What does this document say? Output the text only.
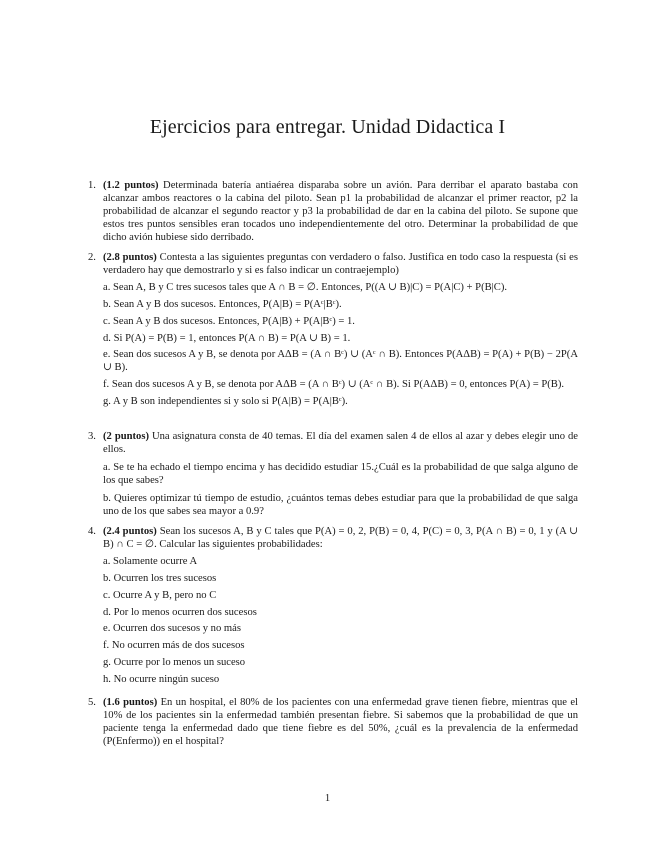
Ejercicios para entregar. Unidad Didactica I
1. (1.2 puntos) Determinada batería antiaérea disparaba sobre un avión. Para derribar el aparato bastaba con alcanzar ambos reactores o la cabina del piloto. Sean p1 la probabilidad de alcanzar el primer reactor, p2 la probabilidad de alcanzar el segundo reactor y p3 la probabilidad de dar en la cabina del piloto. Se supone que estos tres puntos sensibles eran tocados uno independientemente del otro. Determinar la probabilidad de que dicho avión hubiese sido derribado.

2. (2.8 puntos) Contesta a las siguientes preguntas con verdadero o falso. Justifica en todo caso la respuesta (si es verdadero hay que demostrarlo y si es falso indicar un contraejemplo)

a. Sean A, B y C tres sucesos tales que A ∩ B = ∅. Entonces, P((A ∪ B)|C) = P(A|C) + P(B|C).

b. Sean A y B dos sucesos. Entonces, P(A|B) = P(Aᶜ|Bᶜ).

c. Sean A y B dos sucesos. Entonces, P(A|B) + P(A|Bᶜ) = 1.

d. Si P(A) = P(B) = 1, entonces P(A ∩ B) = P(A ∪ B) = 1.

e. Sean dos sucesos A y B, se denota por AΔB = (A ∩ Bᶜ) ∪ (Aᶜ ∩ B). Entonces P(AΔB) = P(A) + P(B) − 2P(A ∪ B).

f. Sean dos sucesos A y B, se denota por AΔB = (A ∩ Bᶜ) ∪ (Aᶜ ∩ B). Si P(AΔB) = 0, entonces P(A) = P(B).

g. A y B son independientes si y solo si P(A|B) = P(A|Bᶜ).

3. (2 puntos) Una asignatura consta de 40 temas. El día del examen salen 4 de ellos al azar y debes elegir uno de ellos.

a. Se te ha echado el tiempo encima y has decidido estudiar 15.¿Cuál es la probabilidad de que salga alguno de los que sabes?

b. Quieres optimizar tú tiempo de estudio, ¿cuántos temas debes estudiar para que la probabilidad de que salga uno de los que sabes sea mayor a 0.9?

4. (2.4 puntos) Sean los sucesos A, B y C tales que P(A) = 0, 2, P(B) = 0, 4, P(C) = 0, 3, P(A ∩ B) = 0, 1 y (A ∪ B) ∩ C = ∅. Calcular las siguientes probabilidades:

a. Solamente ocurre A

b. Ocurren los tres sucesos

c. Ocurre A y B, pero no C

d. Por lo menos ocurren dos sucesos

e. Ocurren dos sucesos y no más

f. No ocurren más de dos sucesos

g. Ocurre por lo menos un suceso

h. No ocurre ningún suceso

5. (1.6 puntos) En un hospital, el 80% de los pacientes con una enfermedad grave tienen fiebre, mientras que el 10% de los pacientes sin la enfermedad también presentan fiebre. Si sabemos que la probabilidad de que un paciente tenga la enfermedad dado que tiene fiebre es del 50%, ¿cuál es la prevalencia de la enfermedad (P(Enfermo)) en el hospital?

1
